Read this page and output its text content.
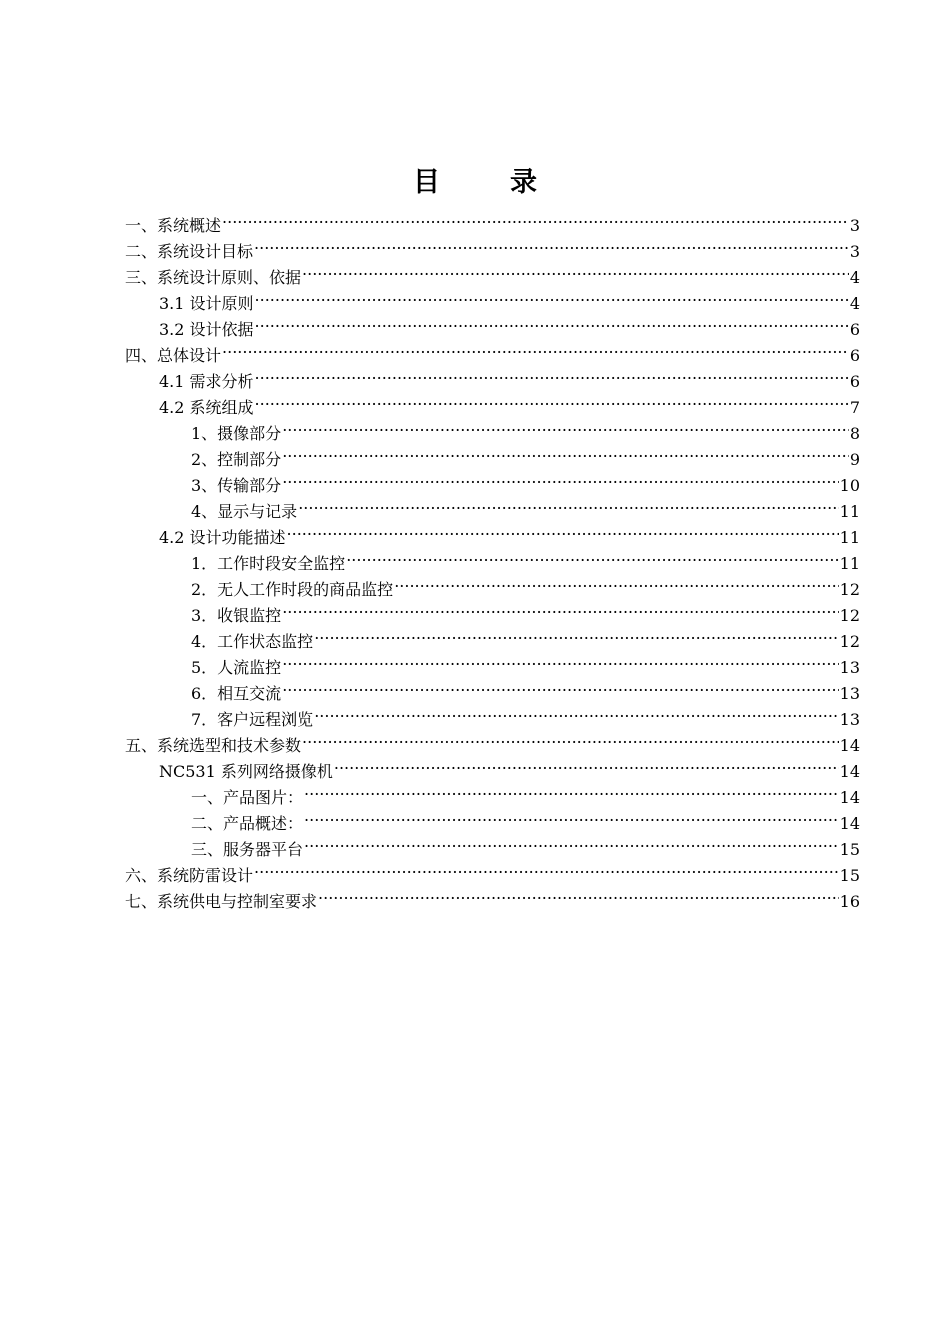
目	录
一、系统概述 .....	3
二、系统设计目标 .....	3
三、系统设计原则、依据 .....	4
3.1 设计原则 .....	4
3.2 设计依据 .....	6
四、总体设计 .....	6
4.1 需求分析 .....	6
4.2 系统组成 .....	7
1、摄像部分 .....	8
2、控制部分 .....	9
3、传输部分 .....	10
4、显示与记录 .....	11
4.2 设计功能描述 .....	11
1．工作时段安全监控 .....	11
2．无人工作时段的商品监控 .....	12
3．收银监控 .....	12
4．工作状态监控 .....	12
5．人流监控 .....	13
6．相互交流 .....	13
7．客户远程浏览 .....	13
五、系统选型和技术参数 .....	14
NC531 系列网络摄像机 .....	14
一、产品图片： .....	14
二、产品概述： .....	14
三、服务器平台 .....	15
六、系统防雷设计 .....	15
七、系统供电与控制室要求 .....	16
